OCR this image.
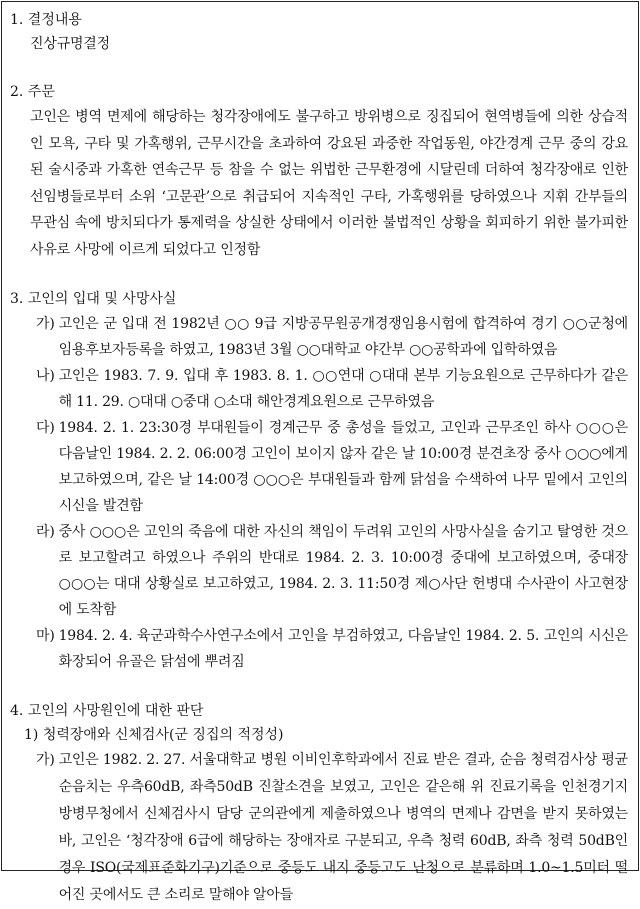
1. 결정내용
진상규명결정
2. 주문
고인은 병역 면제에 해당하는 청각장애에도 불구하고 방위병으로 징집되어 현역병들에 의한 상습적인 모욕, 구타 및 가혹행위, 근무시간을 초과하여 강요된 과중한 작업동원, 야간경계 근무 중의 강요된 술시중과 가혹한 연속근무 등 참을 수 없는 위법한 근무환경에 시달린데 더하여 청각장애로 인한 선임병들로부터 소위 ‘고문관’으로 취급되어 지속적인 구타, 가혹행위를 당하였으나 지휘 간부들의 무관심 속에 방치되다가 통제력을 상실한 상태에서 이러한 불법적인 상황을 회피하기 위한 불가피한 사유로 사망에 이르게 되었다고 인정함
3. 고인의 입대 및 사망사실
가) 고인은 군 입대 전 1982년 ○○ 9급 지방공무원공개경쟁임용시험에 합격하여 경기 ○○군청에 임용후보자등록을 하였고, 1983년 3월 ○○대학교 야간부 ○○공학과에 입학하였음
나) 고인은 1983. 7. 9. 입대 후 1983. 8. 1. ○○연대 ○대대 본부 기능요원으로 근무하다가 같은 해 11. 29. ○대대 ○중대 ○소대 해안경계요원으로 근무하였음
다) 1984. 2. 1. 23:30경 부대원들이 경계근무 중 총성을 들었고, 고인과 근무조인 하사 ○○○은 다음날인 1984. 2. 2. 06:00경 고인이 보이지 않자 같은 날 10:00경 분견초장 중사 ○○○에게 보고하였으며, 같은 날 14:00경 ○○○은 부대원들과 함께 닭섬을 수색하여 나무 밑에서 고인의 시신을 발견함
라) 중사 ○○○은 고인의 죽음에 대한 자신의 책임이 두려워 고인의 사망사실을 숨기고 탈영한 것으로 보고할려고 하였으나 주위의 반대로 1984. 2. 3. 10:00경 중대에 보고하였으며, 중대장 ○○○는 대대 상황실로 보고하였고, 1984. 2. 3. 11:50경 제○사단 헌병대 수사관이 사고현장에 도착함
마) 1984. 2. 4. 육군과학수사연구소에서 고인을 부검하였고, 다음날인 1984. 2. 5. 고인의 시신은 화장되어 유골은 닭섬에 뿌려짐
4. 고인의 사망원인에 대한 판단
1) 청력장애와 신체검사(군 징집의 적정성)
가) 고인은 1982. 2. 27. 서울대학교 병원 이비인후학과에서 진료 받은 결과, 순음 청력검사상 평균순음치는 우측60dB, 좌측50dB 진찰소견을 보였고, 고인은 같은해 위 진료기록을 인천경기지방병무청에서 신체검사시 담당 군의관에게 제출하였으나 병역의 면제나 감면을 받지 못하였는바, 고인은 ‘청각장애 6급에 해당하는 장애자로 구분되고, 우측 청력 60dB, 좌측 청력 50dB인 경우 ISO(국제표준화기구)기준으로 중등도 내지 중등고도 난청으로 분류하며 1.0~1.5미터 떨어진 곳에서도 큰 소리로 말해야 알아들
